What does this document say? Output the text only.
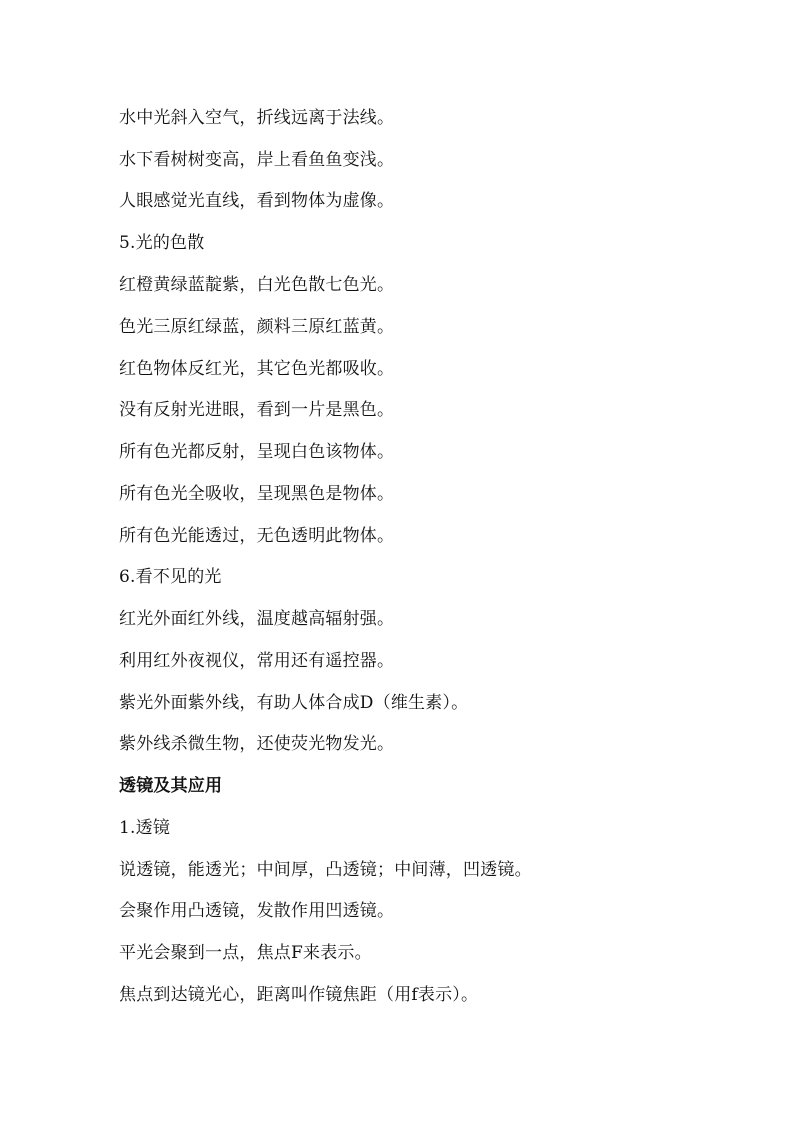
水中光斜入空气，折线远离于法线。
水下看树树变高，岸上看鱼鱼变浅。
人眼感觉光直线，看到物体为虚像。
5.光的色散
红橙黄绿蓝靛紫，白光色散七色光。
色光三原红绿蓝，颜料三原红蓝黄。
红色物体反红光，其它色光都吸收。
没有反射光进眼，看到一片是黑色。
所有色光都反射，呈现白色该物体。
所有色光全吸收，呈现黑色是物体。
所有色光能透过，无色透明此物体。
6.看不见的光
红光外面红外线，温度越高辐射强。
利用红外夜视仪，常用还有遥控器。
紫光外面紫外线，有助人体合成D（维生素）。
紫外线杀微生物，还使荧光物发光。
透镜及其应用
1.透镜
说透镜，能透光；中间厚，凸透镜；中间薄，凹透镜。
会聚作用凸透镜，发散作用凹透镜。
平光会聚到一点，焦点F来表示。
焦点到达镜光心，距离叫作镜焦距（用f表示）。
